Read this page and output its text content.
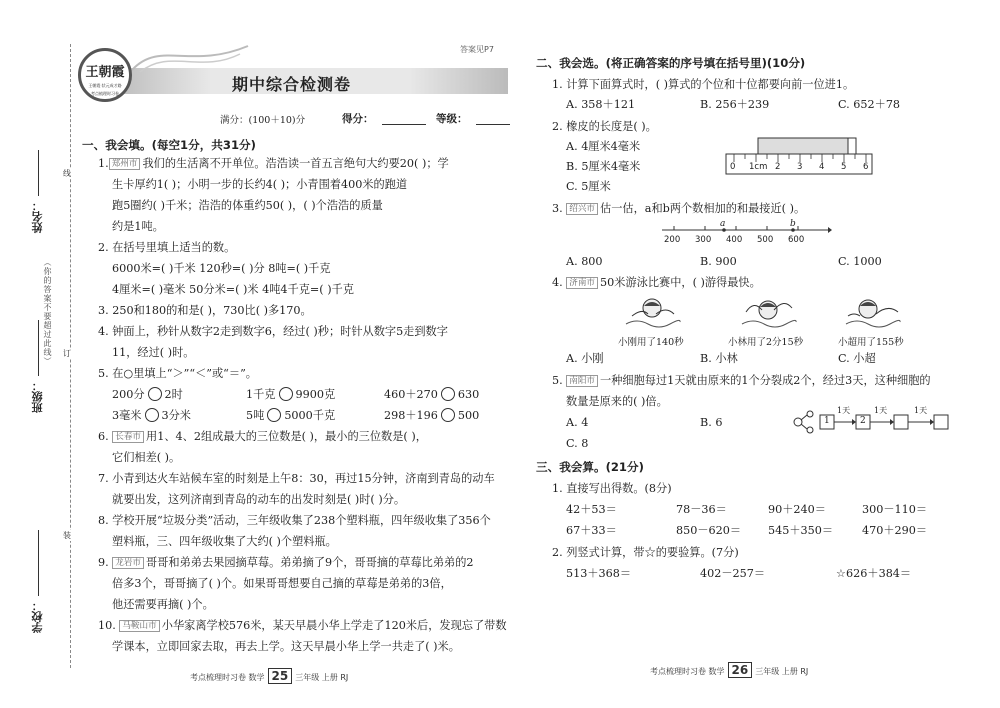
姓名：
班级：
学校：
（你的答案不要超过此线）
线
订
装
答案见P7
王朝霞
王朝霞·状元成才路
考点梳理时习卷	期中综合检测卷
满分：(100＋10)分	得分：	等级：
一、我会填。(每空1分，共31分)
1. 郑州市 我们的生活离不开单位。浩浩读一首五言绝句大约要20( )；学
生卡厚约1( )；小明一步的长约4( )；小青围着400米的跑道
跑5圈约( )千米；浩浩的体重约50( )，( )个浩浩的质量
约是1吨。
2. 在括号里填上适当的数。
6000米=( )千米 120秒=( )分 8吨=( )千克
4厘米=( )毫米 50分米=( )米 4吨4千克=( )千克
3. 250和180的和是( )，730比( )多170。
4. 钟面上，秒针从数字2走到数字6，经过( )秒；时针从数字5走到数字
11，经过( )时。
5. 在○里填上“＞”“＜”或“＝”。
200分 2时	1千克 9900克	460＋270 630
3毫米 3分米	5吨 5000千克	298＋196 500
6. 长春市 用1、4、2组成最大的三位数是( )，最小的三位数是( )，
它们相差( )。
7. 小青到达火车站候车室的时刻是上午8：30，再过15分钟，济南到青岛的动车
就要出发，这列济南到青岛的动车的出发时刻是( )时( )分。
8. 学校开展“垃圾分类”活动，三年级收集了238个塑料瓶，四年级收集了356个
塑料瓶，三、四年级收集了大约( )个塑料瓶。
9. 龙岩市 哥哥和弟弟去果园摘草莓。弟弟摘了9个，哥哥摘的草莓比弟弟的2
倍多3个，哥哥摘了( )个。如果哥哥想要自己摘的草莓是弟弟的3倍，
他还需要再摘( )个。
10. 马鞍山市 小华家离学校576米，某天早晨小华上学走了120米后，发现忘了带数
学课本，立即回家去取，再去上学。这天早晨小华上学一共走了( )米。
考点梳理时习卷 数学 25 三年级 上册 RJ
二、我会选。(将正确答案的序号填在括号里)(10分)
1. 计算下面算式时，( )算式的个位和十位都要向前一位进1。
A. 358＋121	B. 256＋239	C. 652＋78
2. 橡皮的长度是( )。
A. 4厘米4毫米
B. 5厘米4毫米
C. 5厘米
0 1cm 2 3 4 5 6
3. 绍兴市 估一估，a和b两个数相加的和最接近( )。
a	b
200 300 400 500 600
A. 800	B. 900	C. 1000
4. 济南市 50米游泳比赛中，( )游得最快。
小刚用了140秒	小林用了2分15秒	小超用了155秒
A. 小刚	B. 小林	C. 小超
5. 南阳市 一种细胞每过1天就由原来的1个分裂成2个，经过3天，这种细胞的
数量是原来的( )倍。
A. 4	B. 6
C. 8
1	2
1天	1天	1天
三、我会算。(21分)
1. 直接写出得数。(8分)
42＋53＝	78－36＝	90＋240＝	300－110＝
67＋33＝	850－620＝ 545＋350＝	470＋290＝
2. 列竖式计算，带☆的要验算。(7分)
513＋368＝	402－257＝	☆626＋384＝
考点梳理时习卷 数学 26 三年级 上册 RJ
